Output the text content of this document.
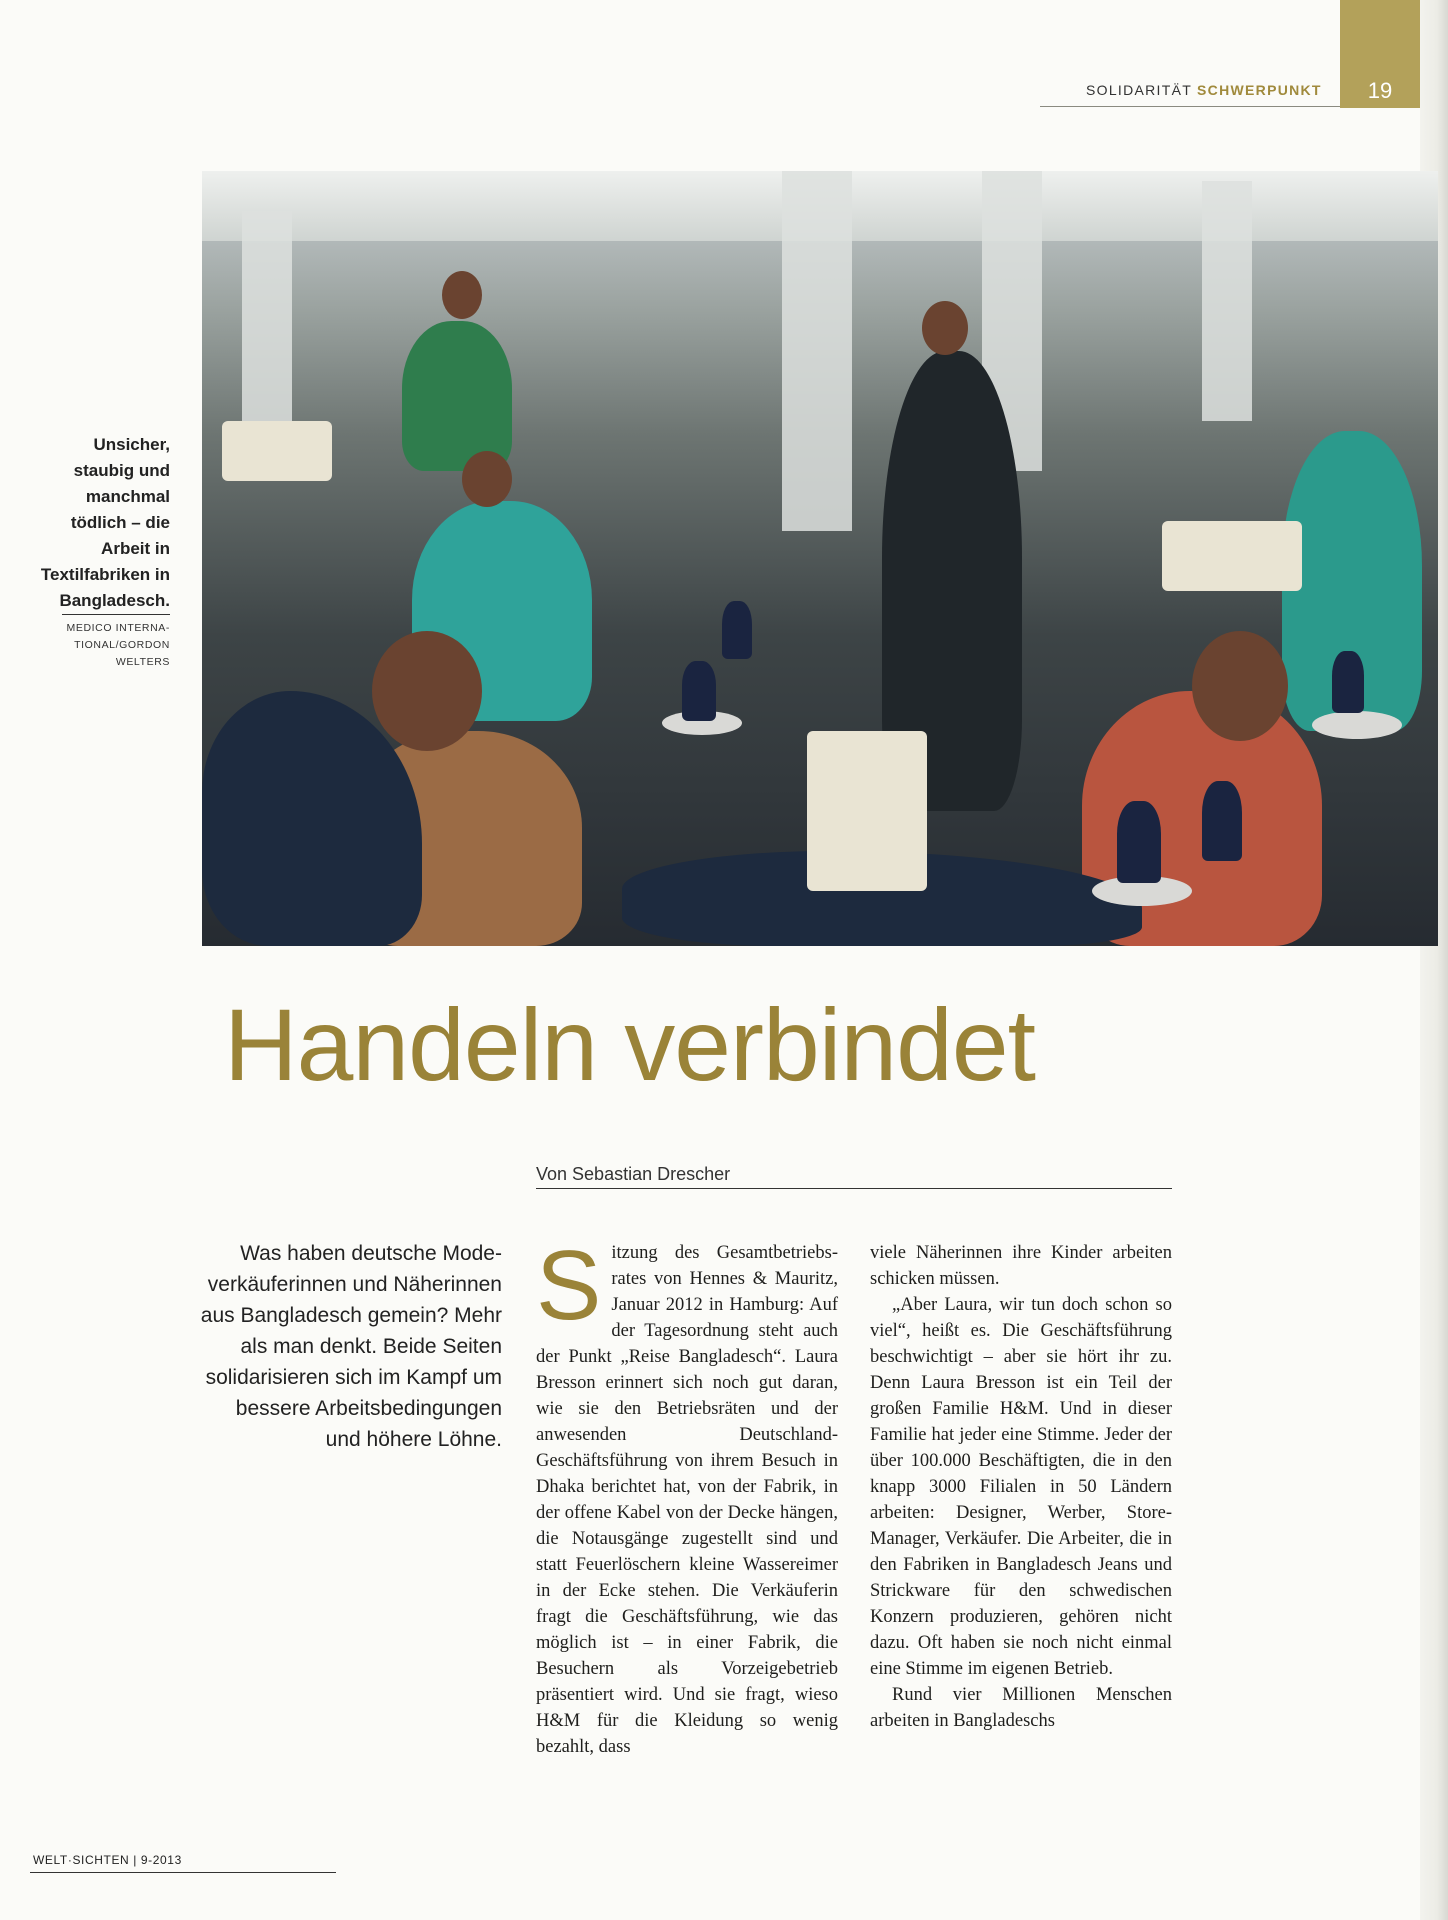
SOLIDARITÄT SCHWERPUNKT	19
Unsicher, staubig und manchmal tödlich – die Arbeit in Textilfabriken in Bangladesch.
MEDICO INTERNA-TIONAL/GORDON WELTERS
Handeln verbindet
Von Sebastian Drescher
Was haben deutsche Modeverkäuferinnen und Näherinnen aus Bangladesch gemein? Mehr als man denkt. Beide Seiten solidarisieren sich im Kampf um bessere Arbeitsbedingungen und höhere Löhne.

Sitzung des Gesamtbetriebsrates von Hennes & Mauritz, Januar 2012 in Hamburg: Auf der Tagesordnung steht auch der Punkt „Reise Bangladesch“. Laura Bresson erinnert sich noch gut daran, wie sie den Betriebsräten und der anwesenden Deutschland-Geschäftsführung von ihrem Besuch in Dhaka berichtet hat, von der Fabrik, in der offene Kabel von der Decke hängen, die Notausgänge zugestellt sind und statt Feuerlöschern kleine Wassereimer in der Ecke stehen. Die Verkäuferin fragt die Geschäftsführung, wie das möglich ist – in einer Fabrik, die Besuchern als Vorzeigebetrieb präsentiert wird. Und sie fragt, wieso H&M für die Kleidung so wenig bezahlt, dass

viele Näherinnen ihre Kinder arbeiten schicken müssen.

„Aber Laura, wir tun doch schon so viel“, heißt es. Die Geschäftsführung beschwichtigt – aber sie hört ihr zu. Denn Laura Bresson ist ein Teil der großen Familie H&M. Und in dieser Familie hat jeder eine Stimme. Jeder der über 100.000 Beschäftigten, die in den knapp 3000 Filialen in 50 Ländern arbeiten: Designer, Werber, Store-Manager, Verkäufer. Die Arbeiter, die in den Fabriken in Bangladesch Jeans und Strickware für den schwedischen Konzern produzieren, gehören nicht dazu. Oft haben sie noch nicht einmal eine Stimme im eigenen Betrieb.

Rund vier Millionen Menschen arbeiten in Bangladeschs

WELT·SICHTEN | 9-2013
